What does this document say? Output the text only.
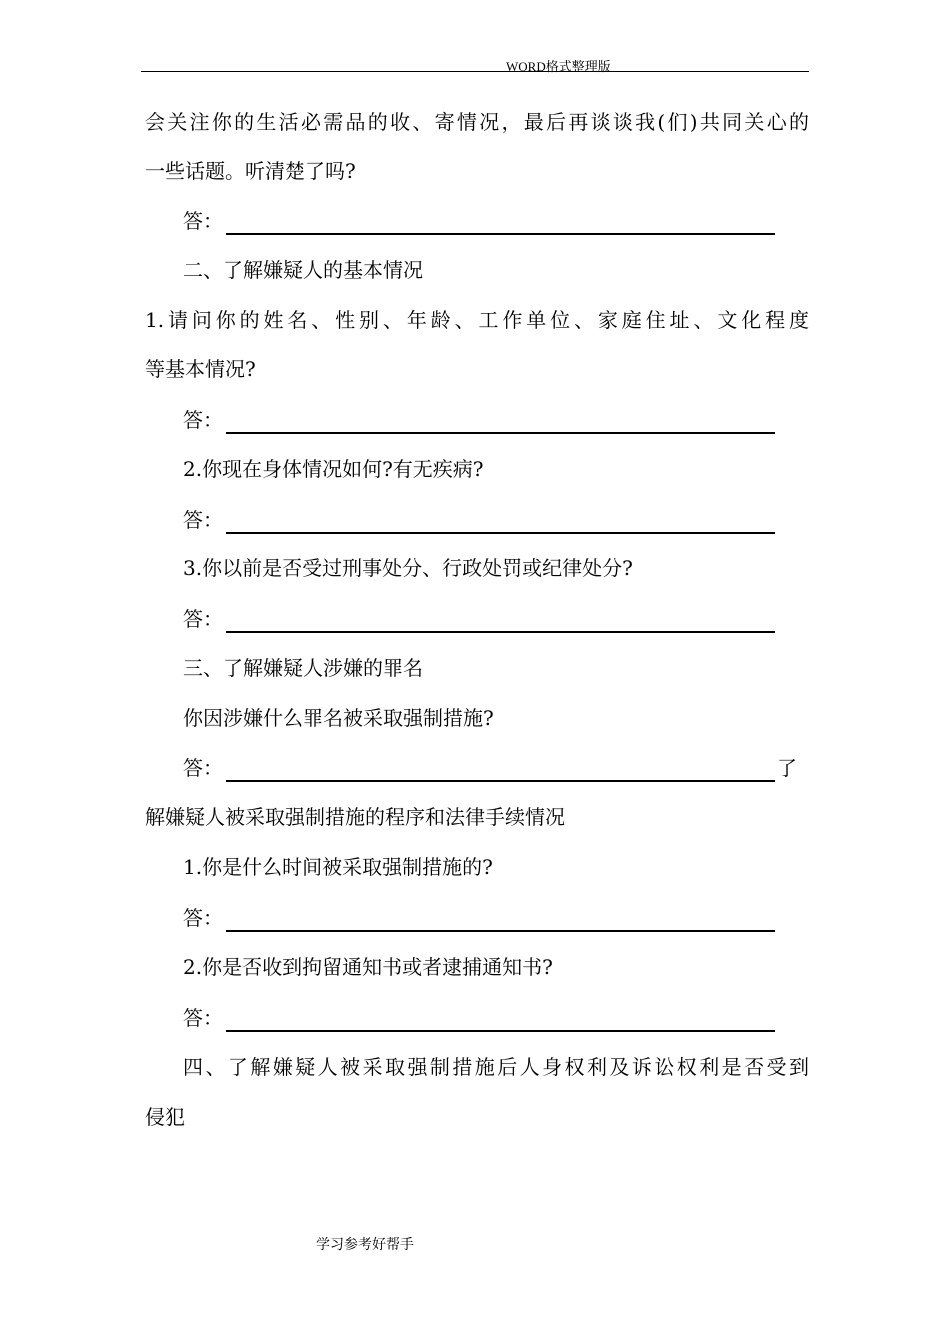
WORD格式整理版
会关注你的生活必需品的收、寄情况，最后再谈谈我(们)共同关心的
一些话题。听清楚了吗?
答：
二、了解嫌疑人的基本情况
1.请问你的姓名、性别、年龄、工作单位、家庭住址、文化程度
等基本情况?
答：
2.你现在身体情况如何?有无疾病?
答：
3.你以前是否受过刑事处分、行政处罚或纪律处分?
答：
三、了解嫌疑人涉嫌的罪名
你因涉嫌什么罪名被采取强制措施?
答：	了
解嫌疑人被采取强制措施的程序和法律手续情况
1.你是什么时间被采取强制措施的?
答：
2.你是否收到拘留通知书或者逮捕通知书?
答：
四、了解嫌疑人被采取强制措施后人身权利及诉讼权利是否受到
侵犯
学习参考好帮手
